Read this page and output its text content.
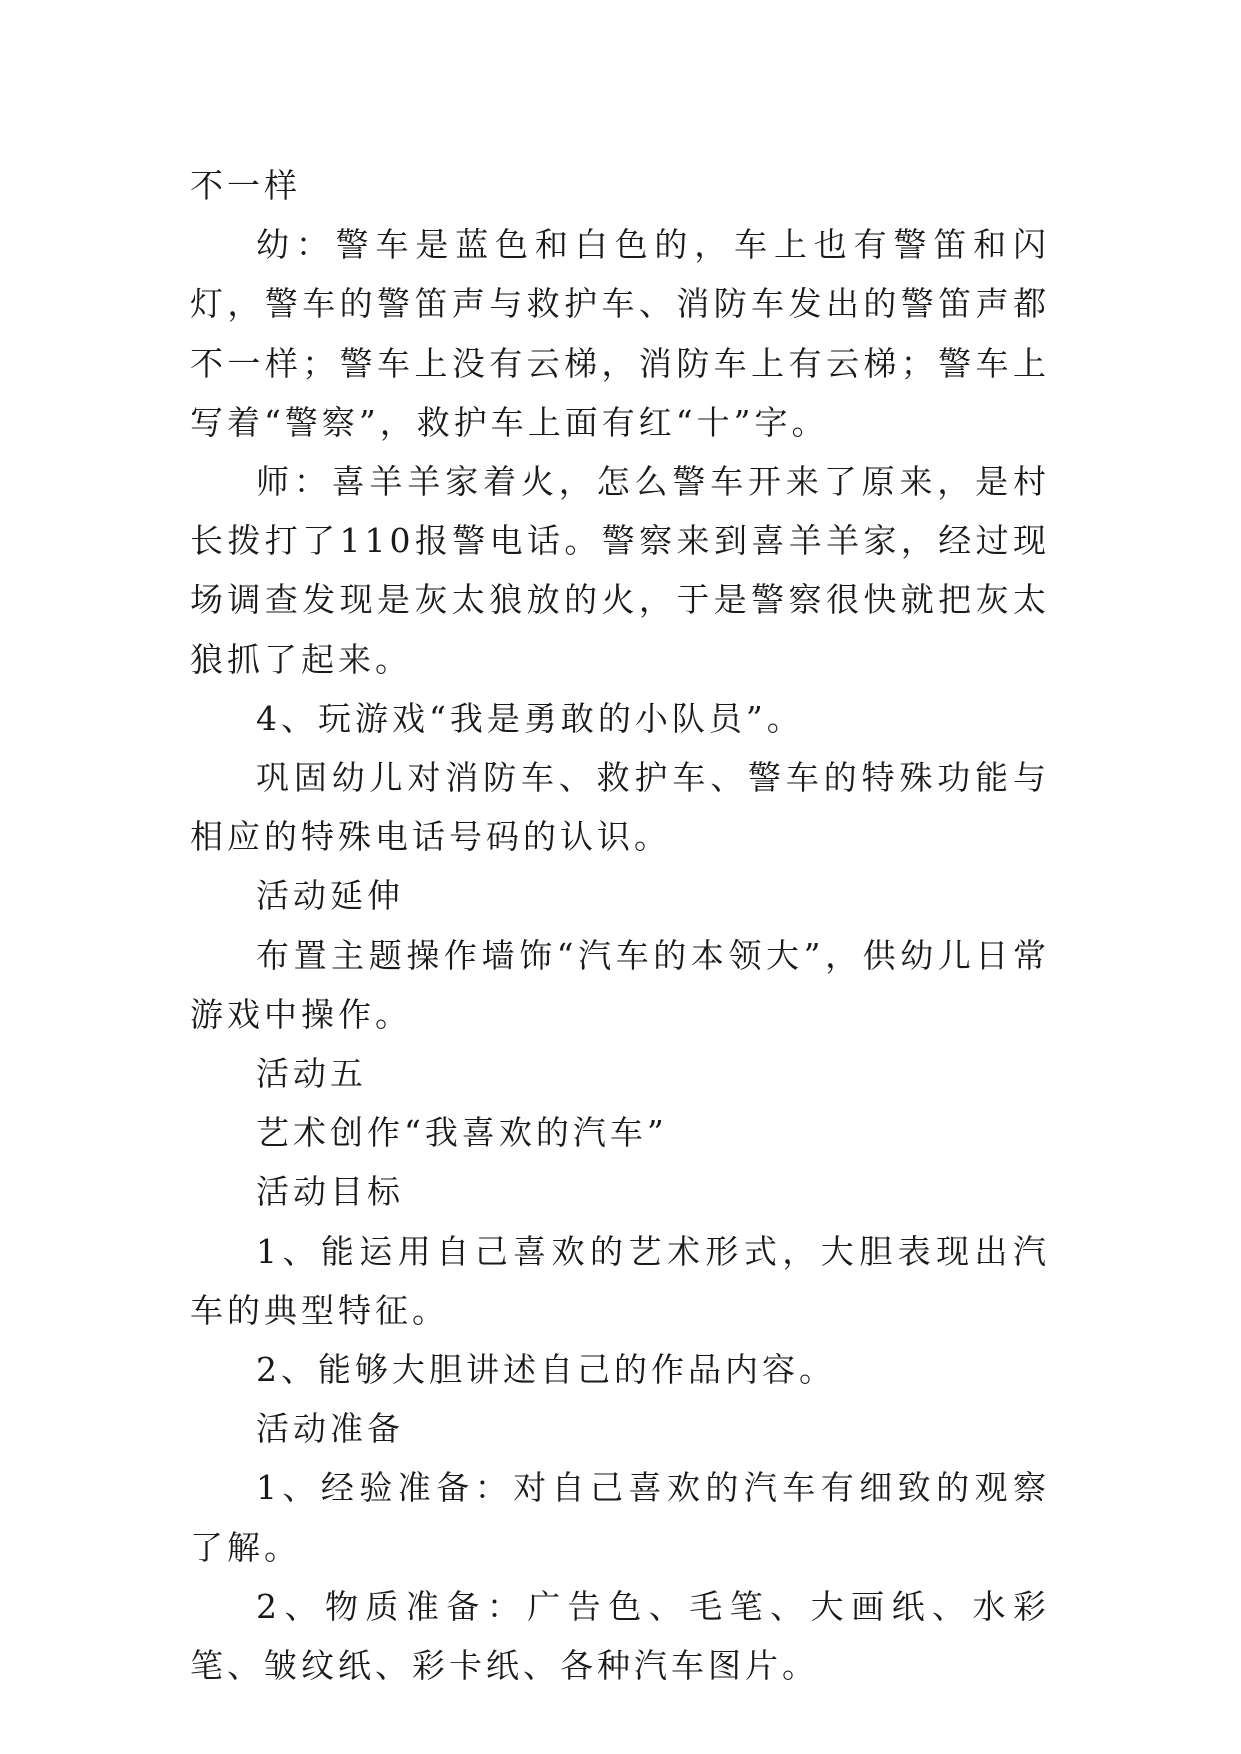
不一样

幼：警车是蓝色和白色的，车上也有警笛和闪灯，警车的警笛声与救护车、消防车发出的警笛声都不一样；警车上没有云梯，消防车上有云梯；警车上写着“警察”，救护车上面有红“十”字。

师：喜羊羊家着火，怎么警车开来了原来，是村长拨打了110报警电话。警察来到喜羊羊家，经过现场调查发现是灰太狼放的火，于是警察很快就把灰太狼抓了起来。

4、玩游戏“我是勇敢的小队员”。

巩固幼儿对消防车、救护车、警车的特殊功能与相应的特殊电话号码的认识。

活动延伸

布置主题操作墙饰“汽车的本领大”，供幼儿日常游戏中操作。

活动五

艺术创作“我喜欢的汽车”

活动目标

1、能运用自己喜欢的艺术形式，大胆表现出汽车的典型特征。

2、能够大胆讲述自己的作品内容。

活动准备

1、经验准备：对自己喜欢的汽车有细致的观察了解。

2、物质准备：广告色、毛笔、大画纸、水彩笔、皱纹纸、彩卡纸、各种汽车图片。
